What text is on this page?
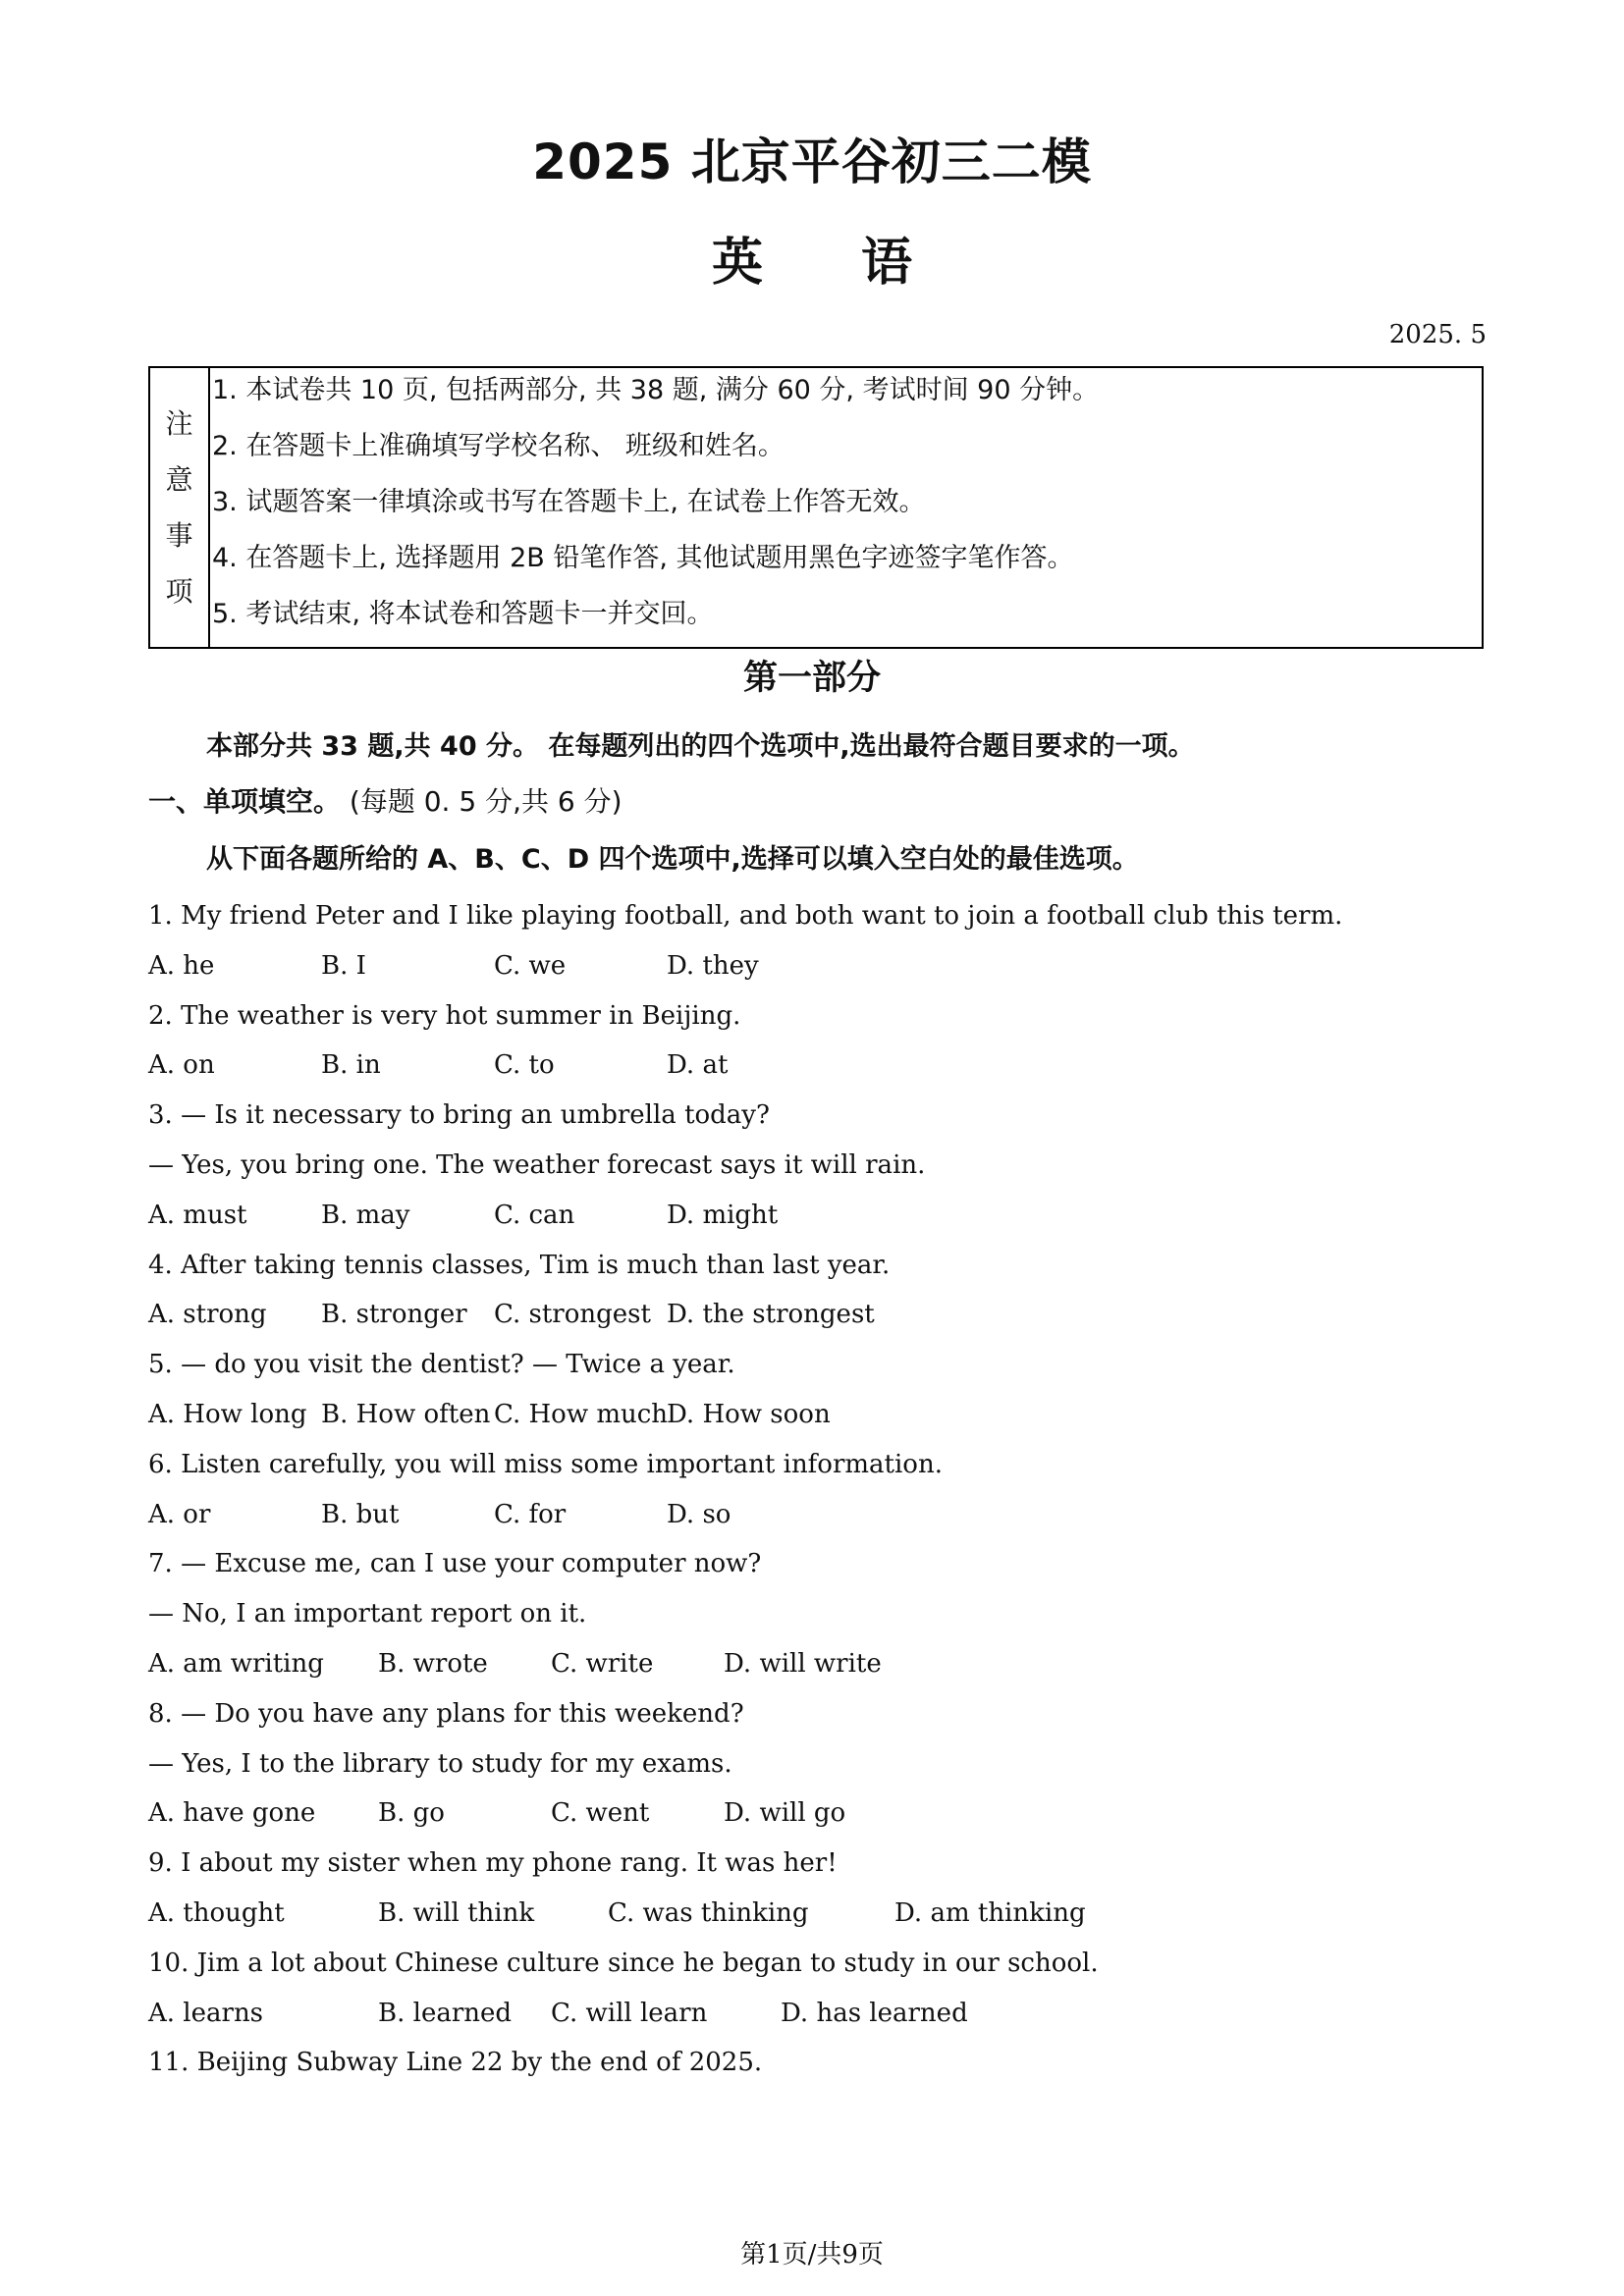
2025 北京平谷初三二模
英 语
2025. 5
注
意
事
项
1. 本试卷共 10 页, 包括两部分, 共 38 题, 满分 60 分, 考试时间 90 分钟。
2. 在答题卡上准确填写学校名称、 班级和姓名。
3. 试题答案一律填涂或书写在答题卡上, 在试卷上作答无效。
4. 在答题卡上, 选择题用 2B 铅笔作答, 其他试题用黑色字迹签字笔作答。
5. 考试结束, 将本试卷和答题卡一并交回。
第一部分
本部分共 33 题,共 40 分。 在每题列出的四个选项中,选出最符合题目要求的一项。
一、单项填空。 (每题 0. 5 分,共 6 分)
从下面各题所给的 A、B、C、D 四个选项中,选择可以填入空白处的最佳选项。
1. My friend Peter and I like playing football, and both want to join a football club this term.
A. he	B. I	C. we	D. they
2. The weather is very hot summer in Beijing.
A. on	B. in	C. to	D. at
3. — Is it necessary to bring an umbrella today?
— Yes, you bring one. The weather forecast says it will rain.
A. must	B. may	C. can	D. might
4. After taking tennis classes, Tim is much than last year.
A. strong	B. stronger	C. strongest D. the strongest
5. — do you visit the dentist? — Twice a year.
A. How long B. How often C. How much
D. How soon
6. Listen carefully, you will miss some important information.
A. or	B. but	C. for	D. so
7. — Excuse me, can I use your computer now?
— No, I an important report on it.
A. am writing	B. wrote	C. write	D. will write
8. — Do you have any plans for this weekend?
— Yes, I to the library to study for my exams.
A. have gone	B. go	C. went	D. will go
9. I about my sister when my phone rang. It was her!
A. thought	B. will think	C. was thinking	D. am thinking
10. Jim a lot about Chinese culture since he began to study in our school.
A. learns	B. learned	C. will learn	D. has learned
11. Beijing Subway Line 22 by the end of 2025.
第1页/共9页
